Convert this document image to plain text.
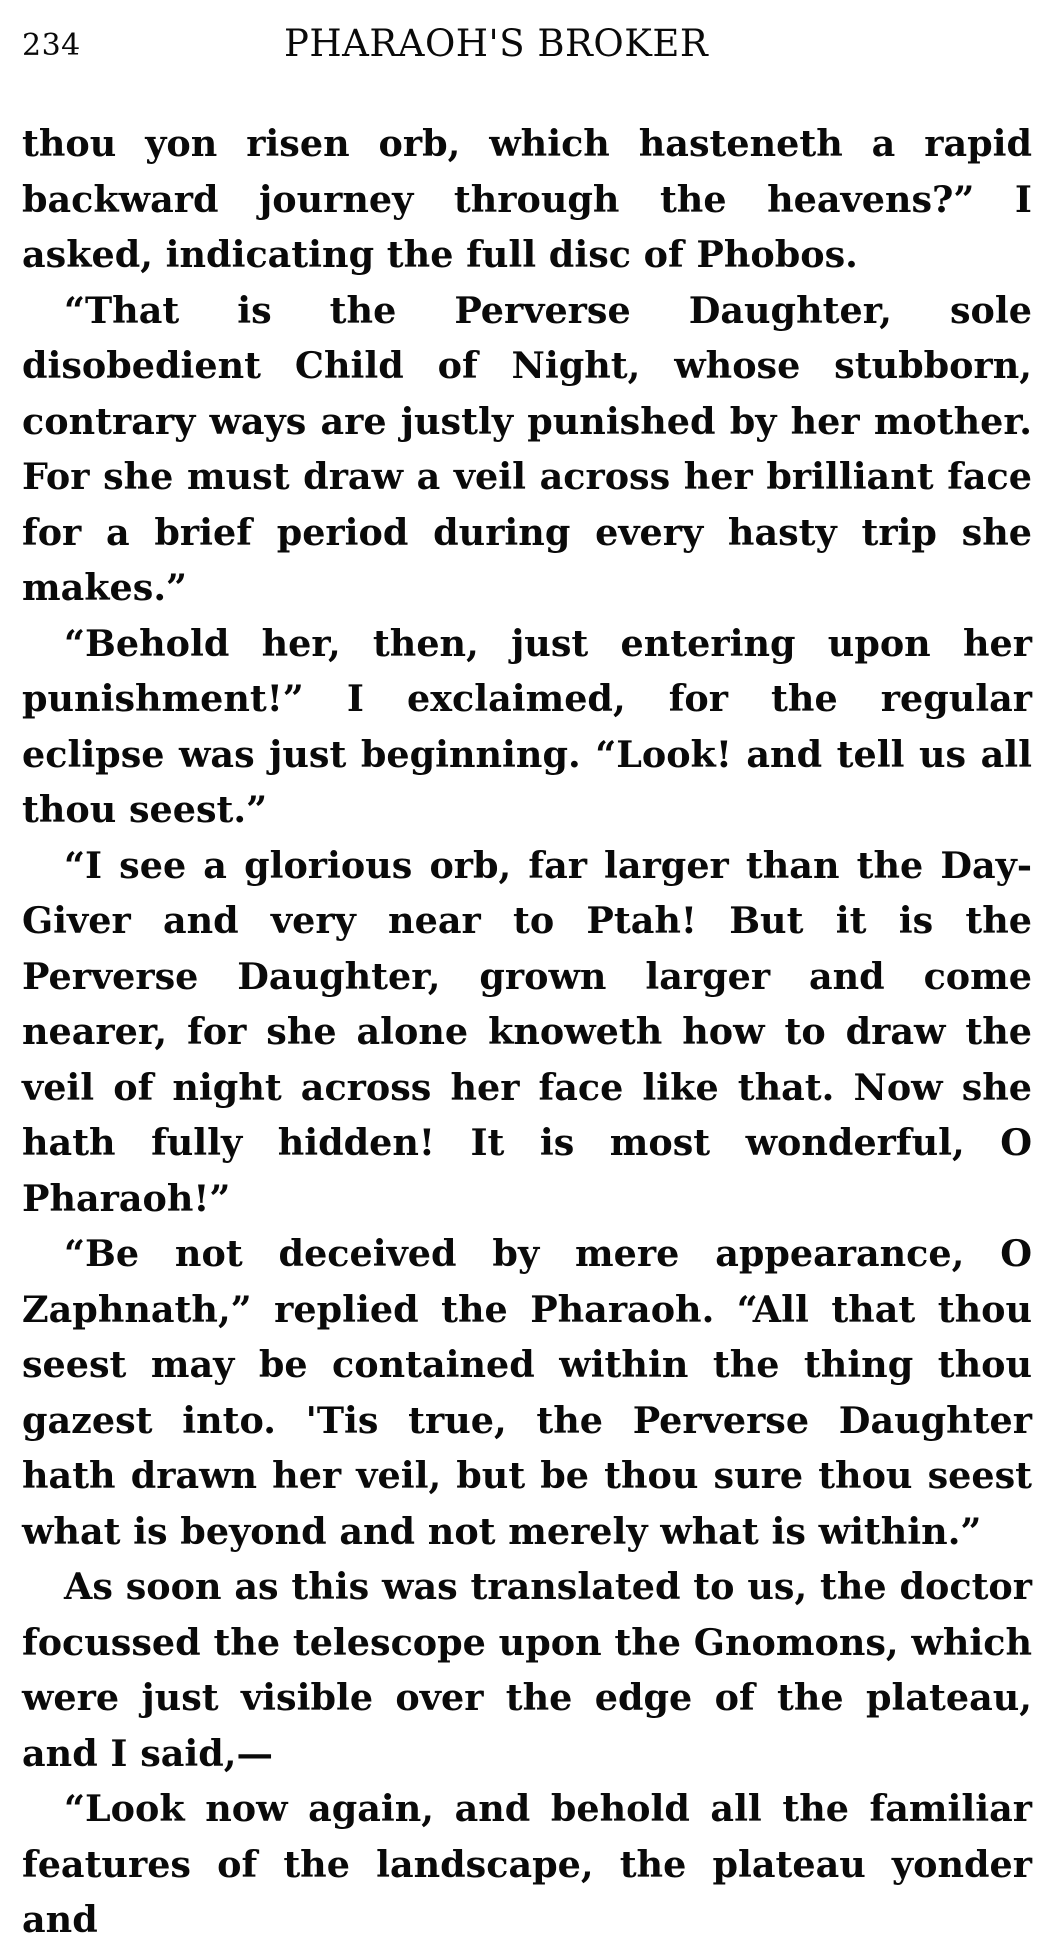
234	PHARAOH'S BROKER

thou yon risen orb, which hasteneth a rapid backward journey through the heavens?” I asked, indicating the full disc of Phobos.

“That is the Perverse Daughter, sole disobedient Child of Night, whose stubborn, contrary ways are justly punished by her mother. For she must draw a veil across her brilliant face for a brief period during every hasty trip she makes.”

“Behold her, then, just entering upon her punishment!” I exclaimed, for the regular eclipse was just beginning. “Look! and tell us all thou seest.”

“I see a glorious orb, far larger than the Day-Giver and very near to Ptah! But it is the Perverse Daughter, grown larger and come nearer, for she alone knoweth how to draw the veil of night across her face like that. Now she hath fully hidden! It is most wonderful, O Pharaoh!”

“Be not deceived by mere appearance, O Zaphnath,” replied the Pharaoh. “All that thou seest may be contained within the thing thou gazest into. 'Tis true, the Perverse Daughter hath drawn her veil, but be thou sure thou seest what is beyond and not merely what is within.”

As soon as this was translated to us, the doctor focussed the telescope upon the Gnomons, which were just visible over the edge of the plateau, and I said,—

“Look now again, and behold all the familiar features of the landscape, the plateau yonder and
